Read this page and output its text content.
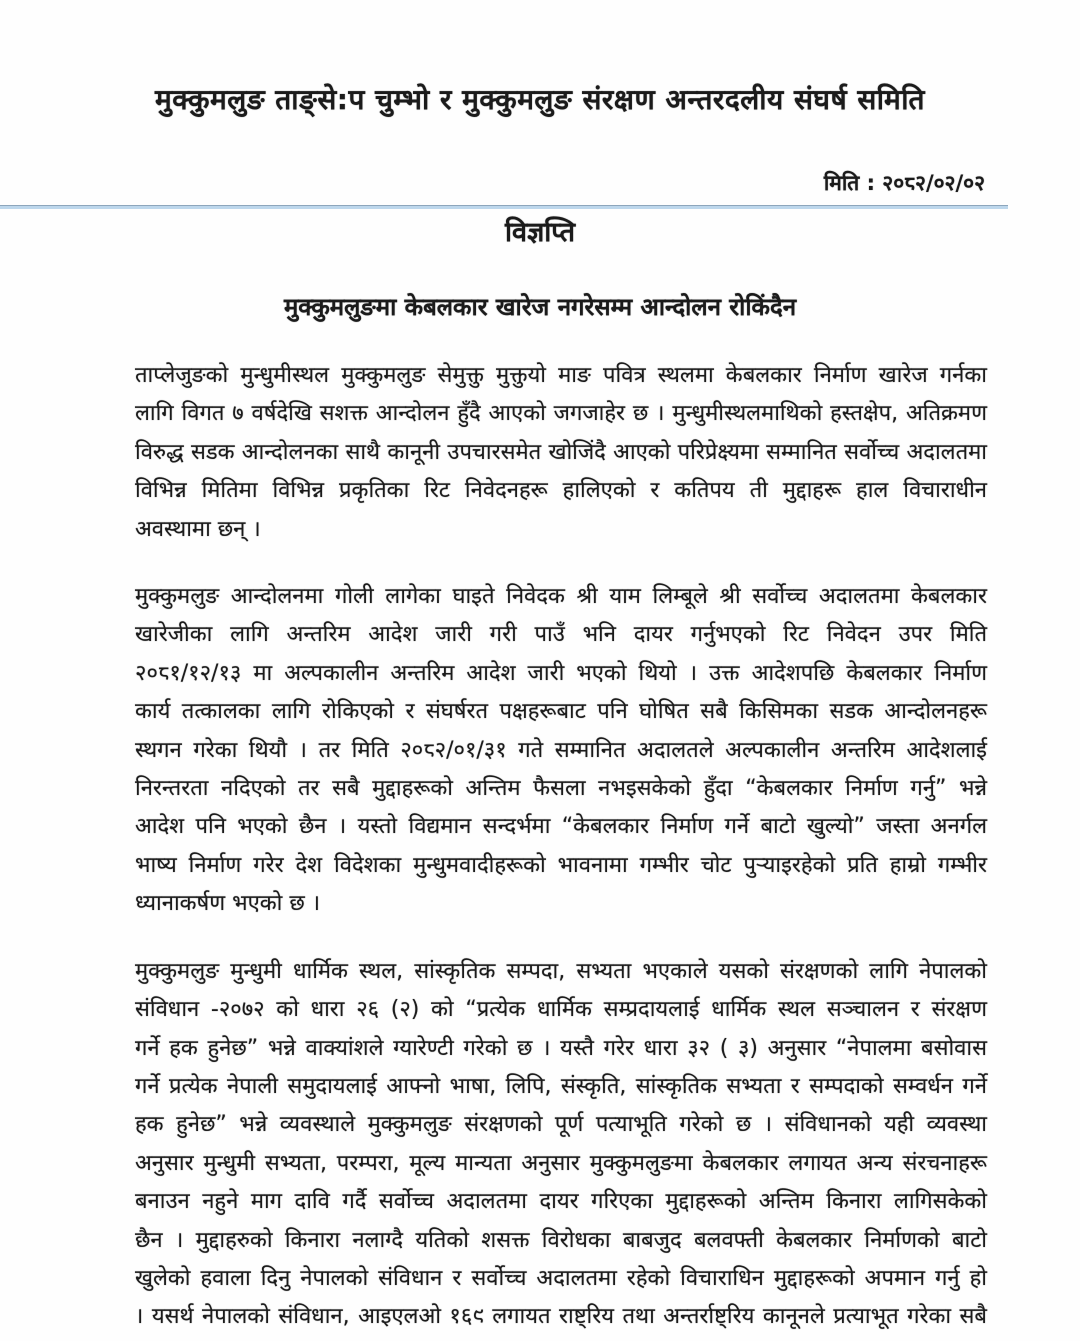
मुक्कुमलुङ ताङ्से:प चुम्भो र मुक्कुमलुङ संरक्षण अन्तरदलीय संघर्ष समिति
मिति : २०८२/०२/०२
विज्ञप्ति
मुक्कुमलुङमा केबलकार खारेज नगरेसम्म आन्दोलन रोकिंदैन
ताप्लेजुङको मुन्धुमीस्थल मुक्कुमलुङ सेमुक्तु मुक्तुयो माङ पवित्र स्थलमा केबलकार निर्माण खारेज गर्नका
लागि विगत ७ वर्षदेखि सशक्त आन्दोलन हुँदै आएको जगजाहेर छ । मुन्धुमीस्थलमाथिको हस्तक्षेप, अतिक्रमण
विरुद्ध सडक आन्दोलनका साथै कानूनी उपचारसमेत खोजिंदै आएको परिप्रेक्ष्यमा सम्मानित सर्वोच्च अदालतमा
विभिन्न मितिमा विभिन्न प्रकृतिका रिट निवेदनहरू हालिएको र कतिपय ती मुद्दाहरू हाल विचाराधीन
अवस्थामा छन् ।
मुक्कुमलुङ आन्दोलनमा गोली लागेका घाइते निवेदक श्री याम लिम्बूले श्री सर्वोच्च अदालतमा केबलकार
खारेजीका लागि अन्तरिम आदेश जारी गरी पाउँ भनि दायर गर्नुभएको रिट निवेदन उपर मिति
२०८१/१२/१३ मा अल्पकालीन अन्तरिम आदेश जारी भएको थियो । उक्त आदेशपछि केबलकार निर्माण
कार्य तत्कालका लागि रोकिएको र संघर्षरत पक्षहरूबाट पनि घोषित सबै किसिमका सडक आन्दोलनहरू
स्थगन गरेका थियौ । तर मिति २०८२/०१/३१ गते सम्मानित अदालतले अल्पकालीन अन्तरिम आदेशलाई
निरन्तरता नदिएको तर सबै मुद्दाहरूको अन्तिम फैसला नभइसकेको हुँदा “केबलकार निर्माण गर्नु” भन्ने
आदेश पनि भएको छैन । यस्तो विद्यमान सन्दर्भमा “केबलकार निर्माण गर्ने बाटो खुल्यो” जस्ता अनर्गल
भाष्य निर्माण गरेर देश विदेशका मुन्धुमवादीहरूको भावनामा गम्भीर चोट पुऱ्याइरहेको प्रति हाम्रो गम्भीर
ध्यानाकर्षण भएको छ ।
मुक्कुमलुङ मुन्धुमी धार्मिक स्थल, सांस्कृतिक सम्पदा, सभ्यता भएकाले यसको संरक्षणको लागि नेपालको
संविधान -२०७२ को धारा २६ (२) को “प्रत्येक धार्मिक सम्प्रदायलाई धार्मिक स्थल सञ्चालन र संरक्षण
गर्ने हक हुनेछ” भन्ने वाक्यांशले ग्यारेण्टी गरेको छ । यस्तै गरेर धारा ३२ ( ३) अनुसार “नेपालमा बसोवास
गर्ने प्रत्येक नेपाली समुदायलाई आफ्नो भाषा, लिपि, संस्कृति, सांस्कृतिक सभ्यता र सम्पदाको सम्वर्धन गर्ने
हक हुनेछ” भन्ने व्यवस्थाले मुक्कुमलुङ संरक्षणको पूर्ण पत्याभूति गरेको छ । संविधानको यही व्यवस्था
अनुसार मुन्धुमी सभ्यता, परम्परा, मूल्य मान्यता अनुसार मुक्कुमलुङमा केबलकार लगायत अन्य संरचनाहरू
बनाउन नहुने माग दावि गर्दै सर्वोच्च अदालतमा दायर गरिएका मुद्दाहरूको अन्तिम किनारा लागिसकेको
छैन । मुद्दाहरुको किनारा नलाग्दै यतिको शसक्त विरोधका बाबजुद बलवफ्ती केबलकार निर्माणको बाटो
खुलेको हवाला दिनु नेपालको संविधान र सर्वोच्च अदालतमा रहेको विचाराधिन मुद्दाहरूको अपमान गर्नु हो
। यसर्थ नेपालको संविधान, आइएलओ १६९ लगायत राष्ट्रिय तथा अन्तर्राष्ट्रिय कानूनले प्रत्याभूत गरेका सबै
